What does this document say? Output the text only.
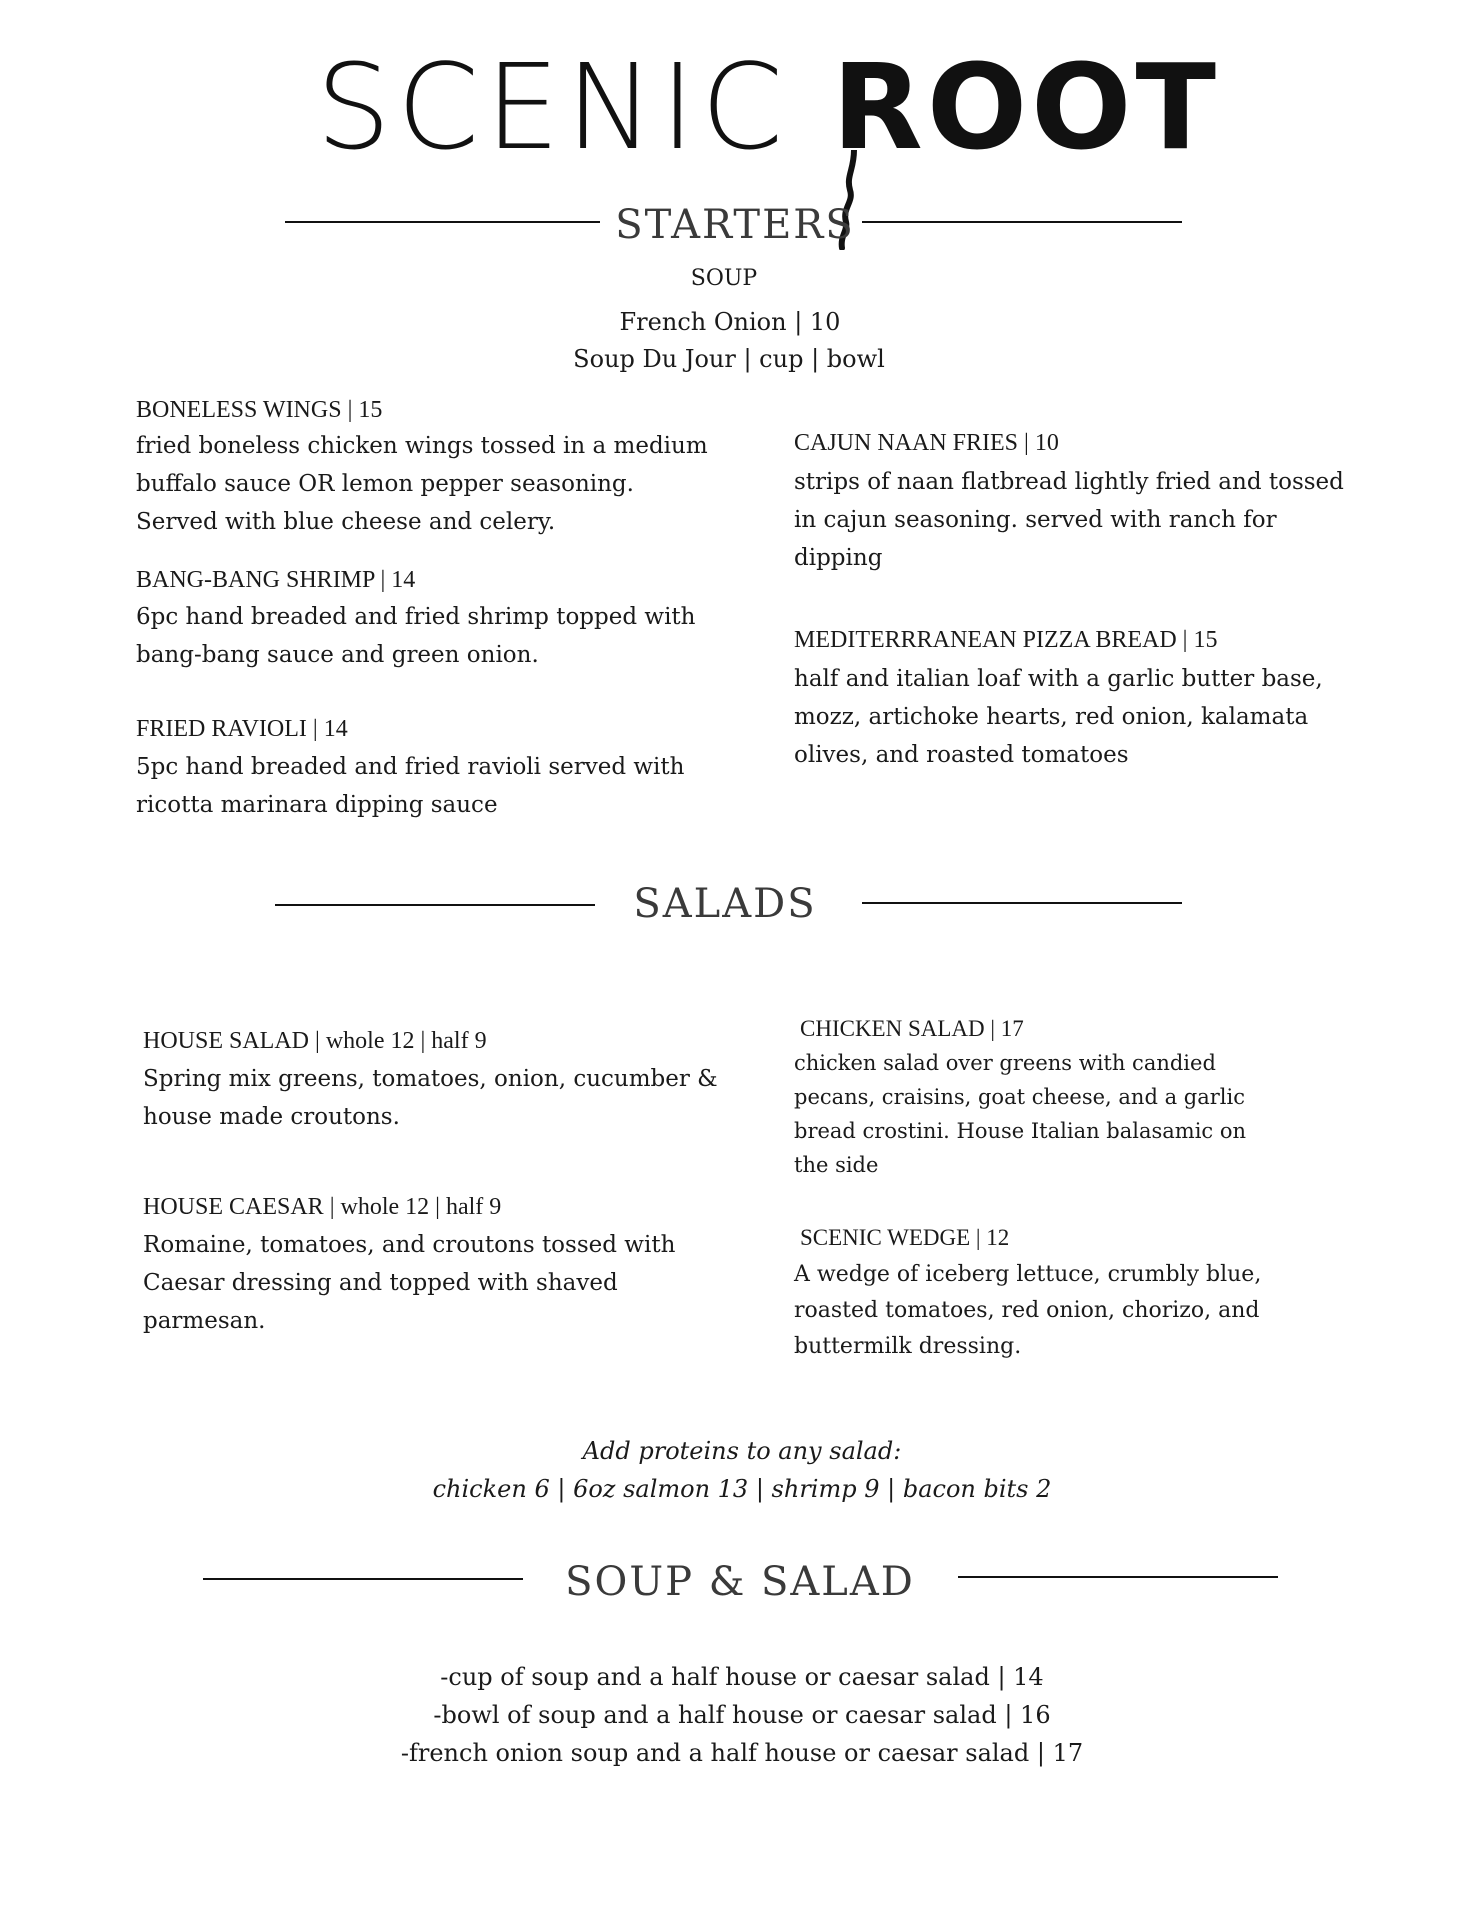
SCENIC ROOT
STARTERS
SOUP
French Onion | 10
Soup Du Jour | cup | bowl
BONELESS WINGS | 15
fried boneless chicken wings tossed in a medium
buffalo sauce OR lemon pepper seasoning.
Served with blue cheese and celery.
BANG-BANG SHRIMP | 14
6pc hand breaded and fried shrimp topped with
bang-bang sauce and green onion.
FRIED RAVIOLI | 14
5pc hand breaded and fried ravioli served with
ricotta marinara dipping sauce
CAJUN NAAN FRIES | 10
strips of naan flatbread lightly fried and tossed
in cajun seasoning. served with ranch for
dipping
MEDITERRRANEAN PIZZA BREAD | 15
half and italian loaf with a garlic butter base,
mozz, artichoke hearts, red onion, kalamata
olives, and roasted tomatoes
SALADS
HOUSE SALAD | whole 12 | half 9
Spring mix greens, tomatoes, onion, cucumber &
house made croutons.
HOUSE CAESAR | whole 12 | half 9
Romaine, tomatoes, and croutons tossed with
Caesar dressing and topped with shaved
parmesan.
CHICKEN SALAD | 17
chicken salad over greens with candied
pecans, craisins, goat cheese, and a garlic
bread crostini. House Italian balasamic on
the side
SCENIC WEDGE | 12
A wedge of iceberg lettuce, crumbly blue,
roasted tomatoes, red onion, chorizo, and
buttermilk dressing.
Add proteins to any salad:
chicken 6 | 6oz salmon 13 | shrimp 9 | bacon bits 2
SOUP & SALAD
-cup of soup and a half house or caesar salad | 14
-bowl of soup and a half house or caesar salad | 16
-french onion soup and a half house or caesar salad | 17
